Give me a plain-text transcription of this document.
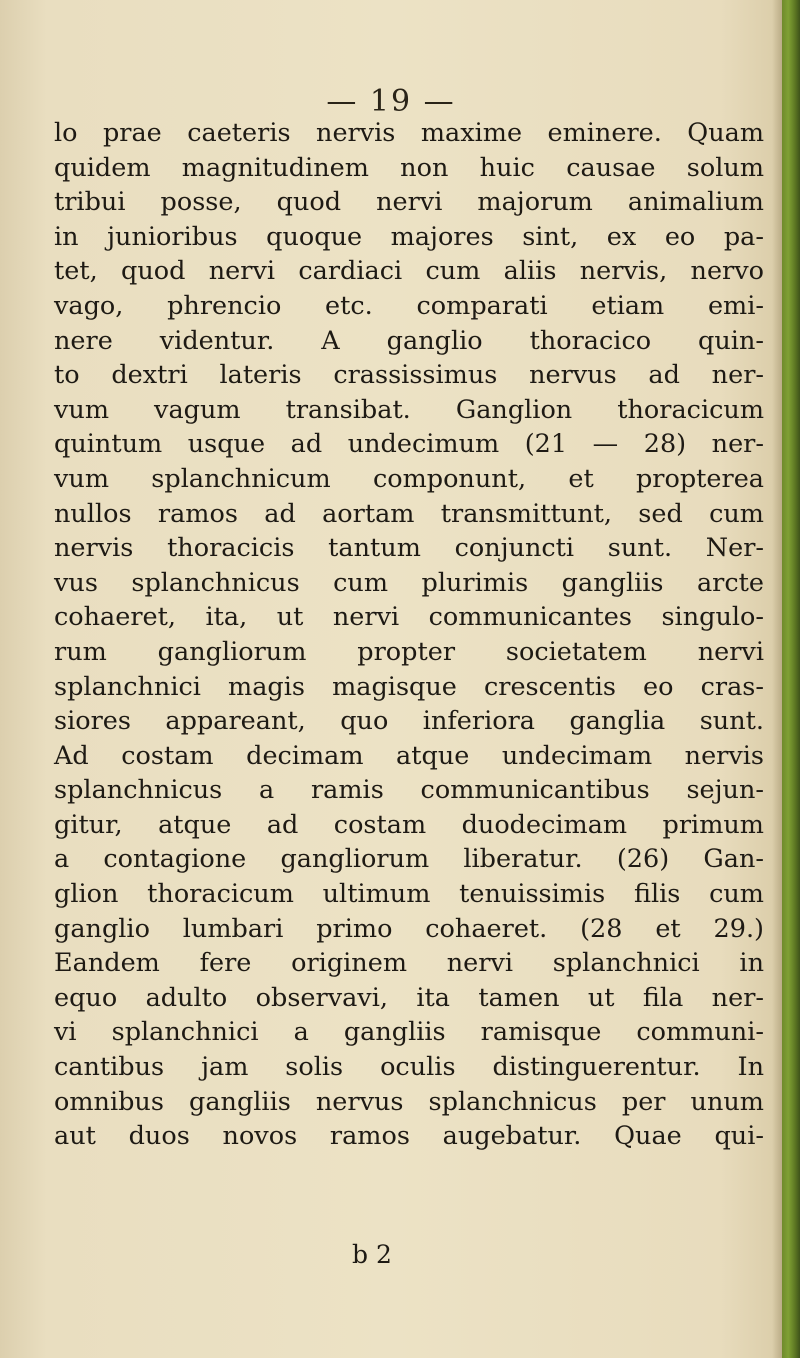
— 19 —
lo prae caeteris nervis maxime eminere. Quam
quidem magnitudinem non huic causae solum
tribui posse, quod nervi majorum animalium
in junioribus quoque majores sint, ex eo pa-
tet, quod nervi cardiaci cum aliis nervis, nervo
vago, phrencio etc. comparati etiam emi-
nere videntur. A ganglio thoracico quin-
to dextri lateris crassissimus nervus ad ner-
vum vagum transibat. Ganglion thoracicum
quintum usque ad undecimum (21 — 28) ner-
vum splanchnicum componunt, et propterea
nullos ramos ad aortam transmittunt, sed cum
nervis thoracicis tantum conjuncti sunt. Ner-
vus splanchnicus cum plurimis gangliis arcte
cohaeret, ita, ut nervi communicantes singulo-
rum gangliorum propter societatem nervi
splanchnici magis magisque crescentis eo cras-
siores appareant, quo inferiora ganglia sunt.
Ad costam decimam atque undecimam nervis
splanchnicus a ramis communicantibus sejun-
gitur, atque ad costam duodecimam primum
a contagione gangliorum liberatur. (26) Gan-
glion thoracicum ultimum tenuissimis filis cum
ganglio lumbari primo cohaeret. (28 et 29.)
Eandem fere originem nervi splanchnici in
equo adulto observavi, ita tamen ut fila ner-
vi splanchnici a gangliis ramisque communi-
cantibus jam solis oculis distinguerentur. In
omnibus gangliis nervus splanchnicus per unum
aut duos novos ramos augebatur. Quae qui-
b 2
